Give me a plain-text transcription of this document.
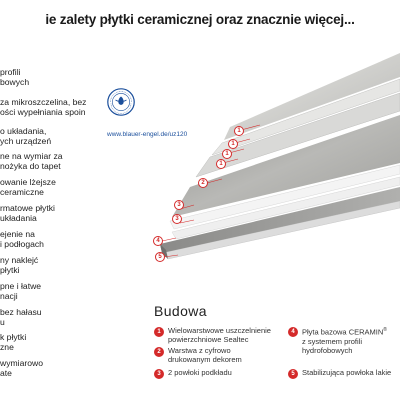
ie zalety płytki ceramicznej oraz znacznie więcej...
profili
bowych
za mikroszczelina, bez
ości wypełniania spoin
o układania,
ych urządzeń
ne na wymiar za
nożyka do tapet
owanie lżejsze
ceramiczne
rmatowe płytki
układania
ejenie na
i podłogach
ny naklejć
płytki
pne i łatwe
nacji
bez hałasu
u
k płytki
zne
wymiarowo
ate
www.blauer-engel.de/uz120	1
1
1
1
2
3
3
4
5
Budowa
1 Wielowarstwowe uszczelnienie
powierzchniowe Sealtec
2 Warstwa z cyfrowo
drukowanym dekorem
3 2 powłoki podkładu
4 Płyta bazowa CERAMIN®
z systemem profili
hydrofobowych
5 Stabilizująca powłoka lakie
